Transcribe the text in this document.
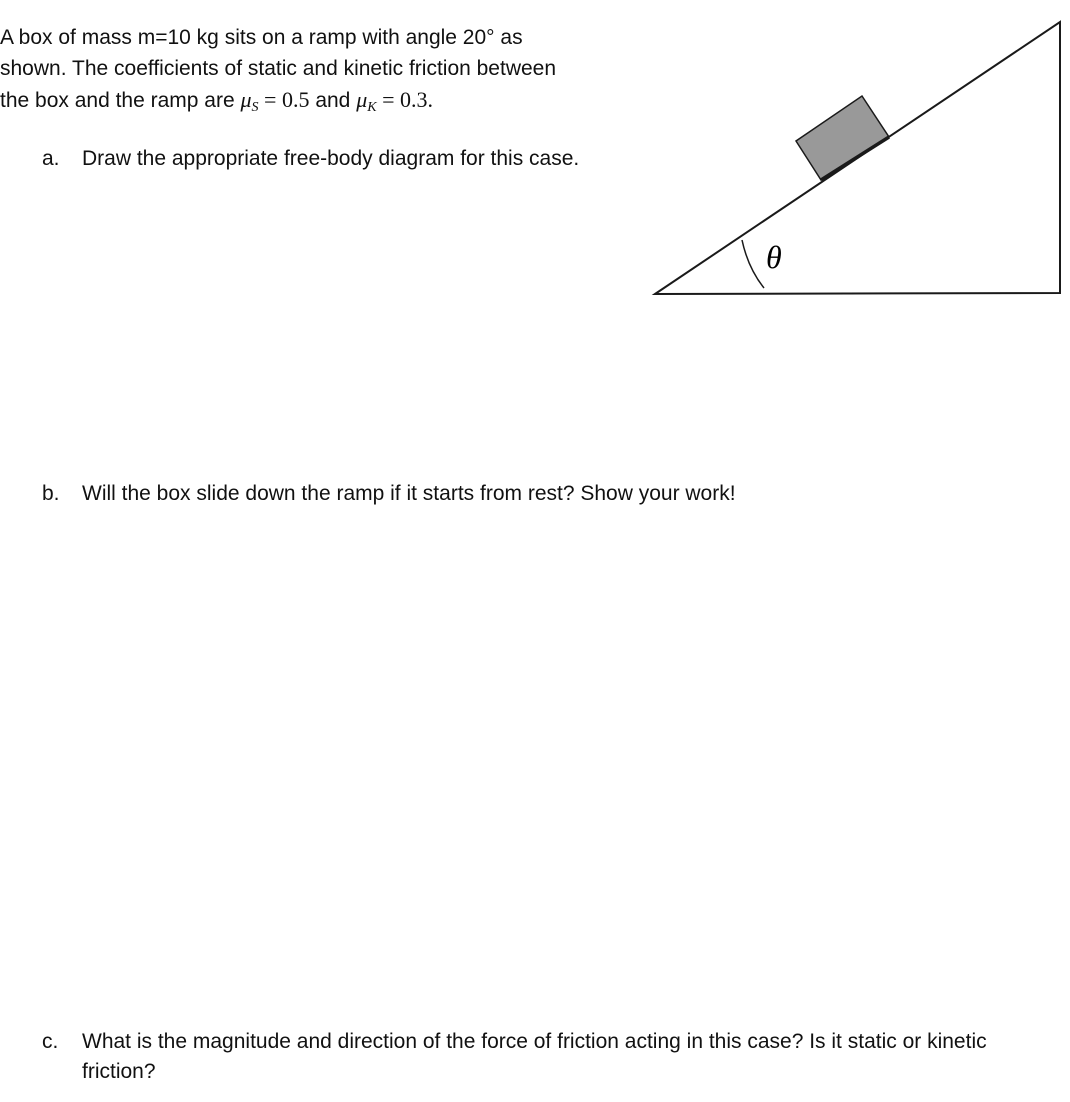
A box of mass m=10 kg sits on a ramp with angle 20° as
shown. The coefficients of static and kinetic friction between
the box and the ramp are $\mu_S = 0.5$ and $\mu_K = 0.3$.
a. Draw the appropriate free-body diagram for this case.
θ
b. Will the box slide down the ramp if it starts from rest? Show your work!
c. What is the magnitude and direction of the force of friction acting in this case? Is it static or kinetic friction?
